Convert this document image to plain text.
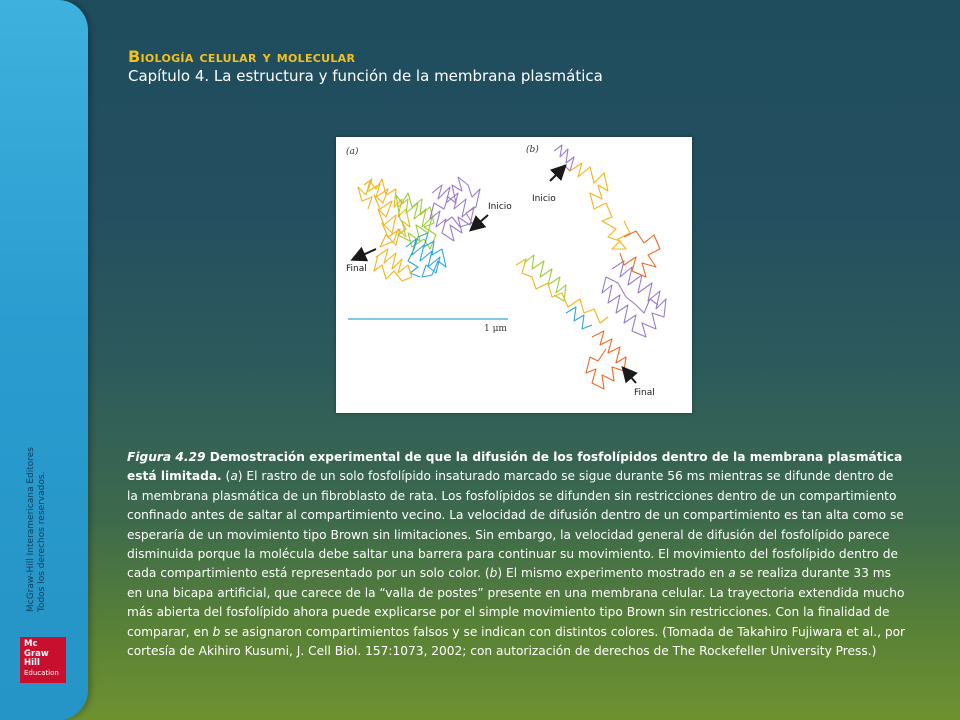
McGraw-Hill Interamericana Editores Todos los derechos reservados.
Mc
Graw
Hill
Education
Biología celular y molecular
Capítulo 4. La estructura y función de la membrana plasmática
(a)	(b)
Final
Inicio
1 μm
Inicio
Final
Figura 4.29 Demostración experimental de que la difusión de los fosfolípidos dentro de la membrana plasmática está limitada. (a) El rastro de un solo fosfolípido insaturado marcado se sigue durante 56 ms mientras se difunde dentro de la membrana plasmática de un fibroblasto de rata. Los fosfolípidos se difunden sin restricciones dentro de un compartimiento confinado antes de saltar al compartimiento vecino. La velocidad de difusión dentro de un compartimiento es tan alta como se esperaría de un movimiento tipo Brown sin limitaciones. Sin embargo, la velocidad general de difusión del fosfolípido parece disminuida porque la molécula debe saltar una barrera para continuar su movimiento. El movimiento del fosfolípido dentro de cada compartimiento está representado por un solo color. (b) El mismo experimento mostrado en a se realiza durante 33 ms en una bicapa artificial, que carece de la “valla de postes” presente en una membrana celular. La trayectoria extendida mucho más abierta del fosfolípido ahora puede explicarse por el simple movimiento tipo Brown sin restricciones. Con la finalidad de comparar, en b se asignaron compartimientos falsos y se indican con distintos colores. (Tomada de Takahiro Fujiwara et al., por cortesía de Akihiro Kusumi, J. Cell Biol. 157:1073, 2002; con autorización de derechos de The Rockefeller University Press.)
